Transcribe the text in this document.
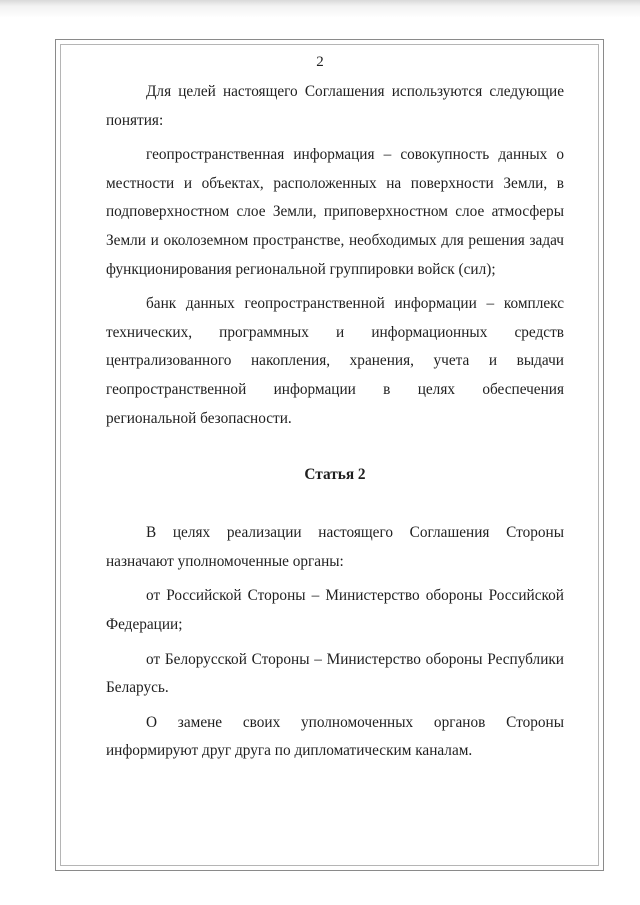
2

Для целей настоящего Соглашения используются следующие понятия:

геопространственная информация – совокупность данных о местности и объектах, расположенных на поверхности Земли, в подповерхностном слое Земли, приповерхностном слое атмосферы Земли и околоземном пространстве, необходимых для решения задач функционирования региональной группировки войск (сил);

банк данных геопространственной информации – комплекс технических, программных и информационных средств централизованного накопления, хранения, учета и выдачи геопространственной информации в целях обеспечения региональной безопасности.

Статья 2

В целях реализации настоящего Соглашения Стороны назначают уполномоченные органы:

от Российской Стороны – Министерство обороны Российской Федерации;

от Белорусской Стороны – Министерство обороны Республики Беларусь.

О замене своих уполномоченных органов Стороны информируют друг друга по дипломатическим каналам.
